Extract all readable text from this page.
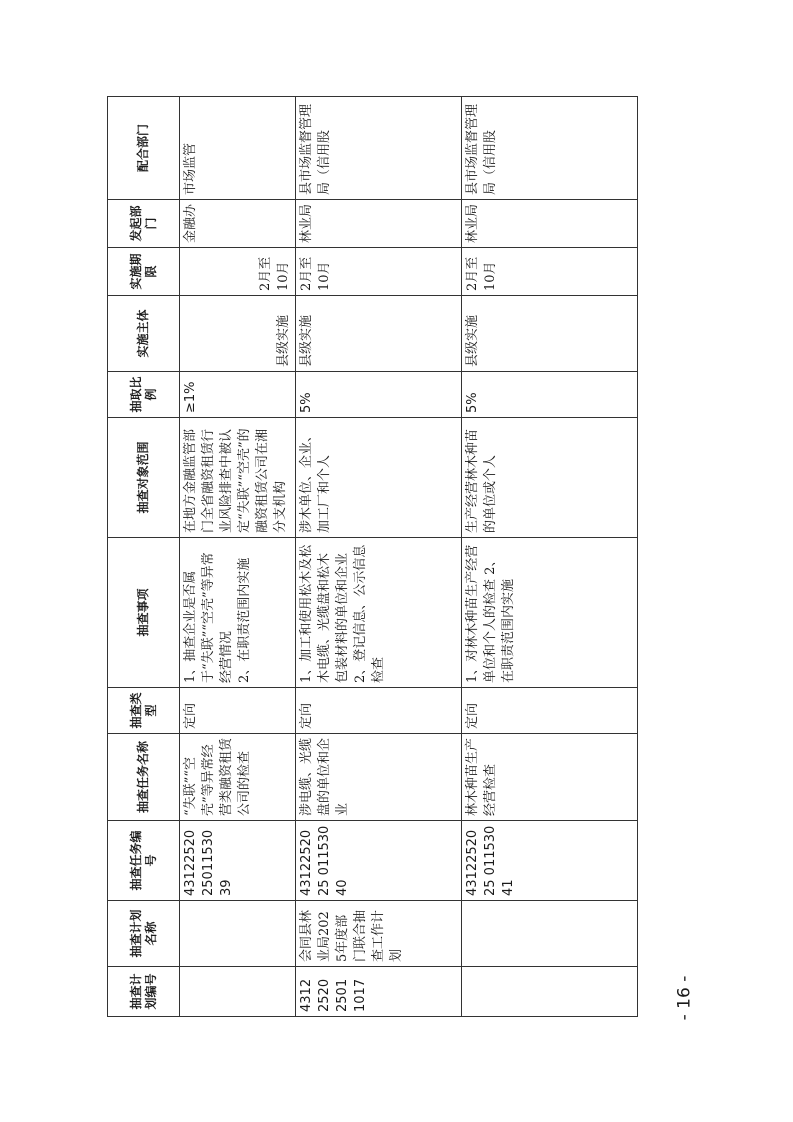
抽查计划编号	抽查计划名称	抽查任务编号	抽查任务名称	抽查类型	抽查事项	抽查对象范围	抽取比例	实施主体	实施期限	发起部门	配合部门
		431225202501153039	“失联”“空壳”等异常经营类融资租赁公司的检查	定向	1、抽查企业是否属于“失联”“空壳”等异常经营情况 2、在职责范围内实施	在地方金融监管部门全省融资租赁行业风险排查中被认定“失联”“空壳”的融资租赁公司在湘分支机构	≥1%	县级实施	2月至10月	金融办	市场监管
4312252025011017	会同县林业局2025年度部门联合抽查工作计划	4312252025 01153040	涉电缆、光缆盘的单位和企业	定向	1、加工和使用松木及松木电缆、光缆盘和松木包装材料的单位和企业 2、登记信息、公示信息检查	涉木单位、企业、加工厂和个人	5%	县级实施	2月至10月	林业局	县市场监督管理局（信用股
		4312252025 01153041	林木种苗生产经营检查	定向	1、对林木种苗生产经营单位和个人的检查 2、在职责范围内实施	生产经营林木种苗的单位或个人	5%	县级实施	2月至10月	林业局	县市场监督管理局（信用股
- 16 -
